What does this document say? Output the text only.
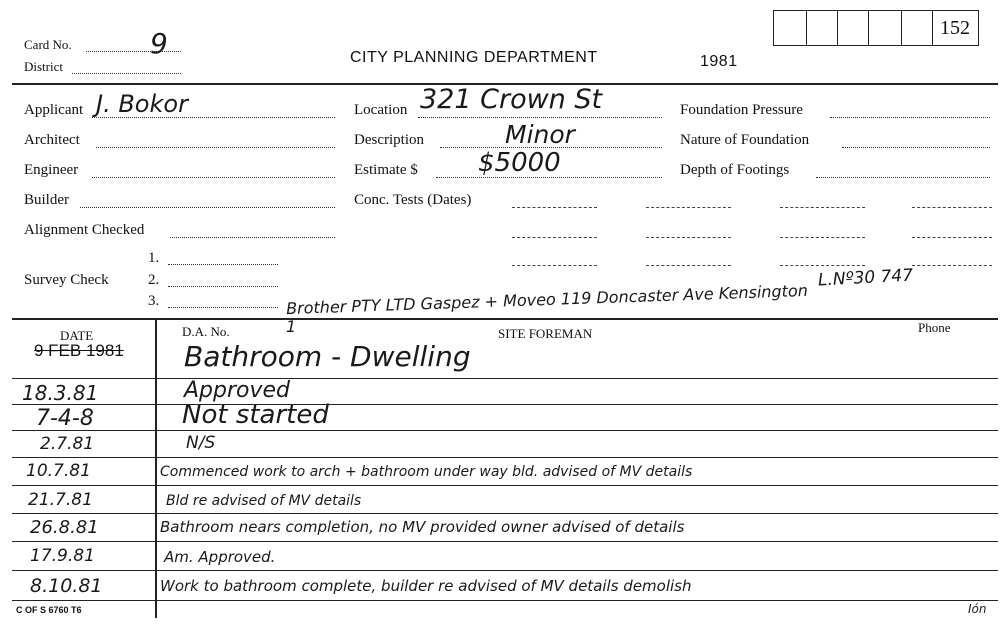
Card No.	9
District
CITY PLANNING DEPARTMENT	1981
152
Applicant J. Bokor
Architect
Engineer
Builder
Alignment Checked
Survey Check
1.
2.
3.
Location 321 Crown St
Description	Minor
Estimate $ $5000
Conc. Tests (Dates)
Foundation Pressure
Nature of Foundation
Depth of Footings
L.Nº30 747
Brother PTY LTD Gaspez + Moveo 119 Doncaster Ave Kensington
DATE	D.A. No.	1	SITE FOREMAN	Phone
9 FEB 1981 Bathroom - Dwelling
18.3.81	Approved
7-4-8	Not started
2.7.81	N/S
10.7.81	Commenced work to arch + bathroom under way bld. advised of MV details
21.7.81	Bld re advised of MV details
26.8.81	Bathroom nears completion, no MV provided owner advised of details
17.9.81	Am. Approved.
8.10.81	Work to bathroom complete, builder re advised of MV details demolish
C OF S 6760 T6	Ión
